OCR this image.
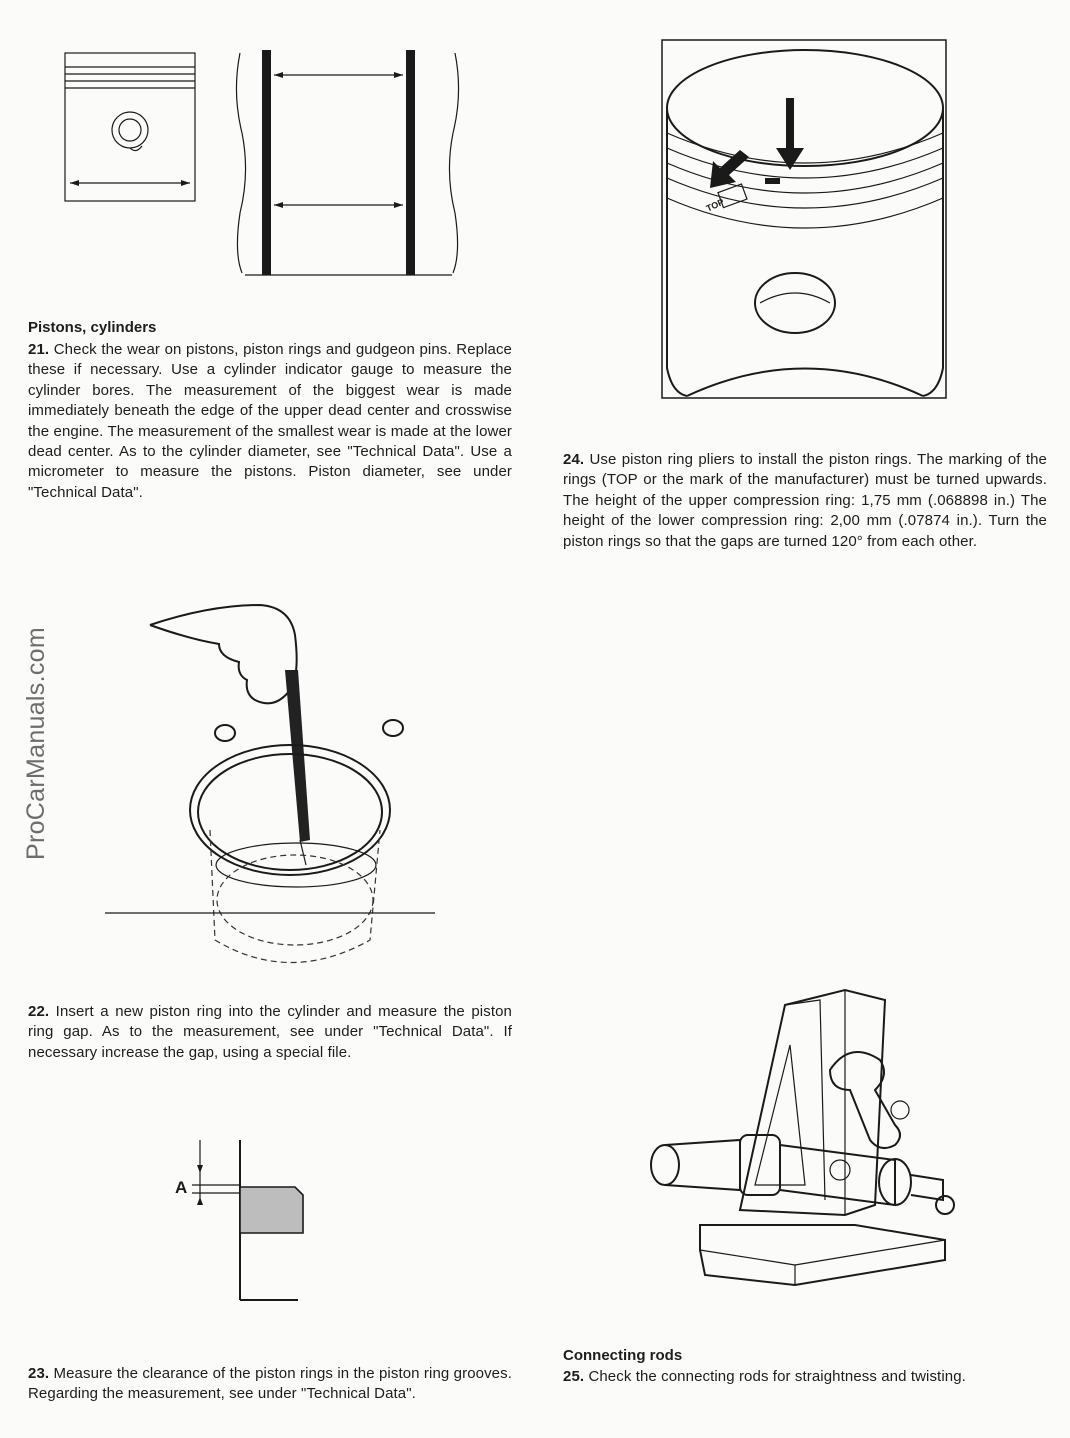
ProCarManuals.com
TOP
Pistons, cylinders
21. Check the wear on pistons, piston rings and gudgeon pins. Replace these if necessary. Use a cylinder indicator gauge to measure the cylinder bores. The measurement of the biggest wear is made immediately beneath the edge of the upper dead center and crosswise the engine. The measurement of the smallest wear is made at the lower dead center. As to the cylinder diameter, see "Technical Data". Use a micrometer to measure the pistons. Piston diameter, see under "Technical Data".
24. Use piston ring pliers to install the piston rings. The marking of the rings (TOP or the mark of the manufacturer) must be turned upwards. The height of the upper compression ring: 1,75 mm (.068898 in.) The height of the lower compression ring: 2,00 mm (.07874 in.). Turn the piston rings so that the gaps are turned 120° from each other.
22. Insert a new piston ring into the cylinder and measure the piston ring gap. As to the measurement, see under "Technical Data". If necessary increase the gap, using a special file.
A
23. Measure the clearance of the piston rings in the piston ring grooves. Regarding the measurement, see under "Technical Data".
Connecting rods
25. Check the connecting rods for straightness and twisting.
